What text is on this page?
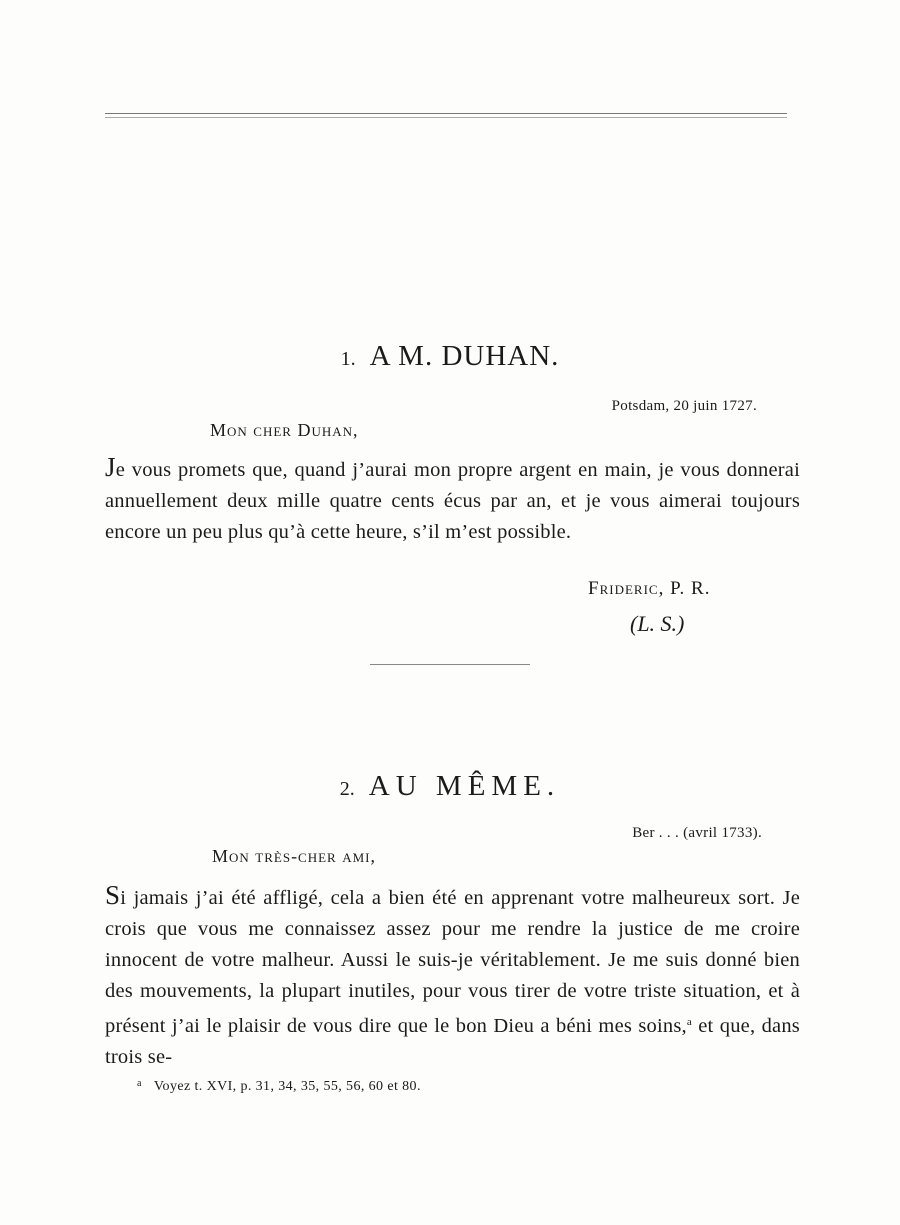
1. A M. DUHAN.
Potsdam, 20 juin 1727.
Mon cher Duhan,
Je vous promets que, quand j’aurai mon propre argent en main, je vous donnerai annuellement deux mille quatre cents écus par an, et je vous aimerai toujours encore un peu plus qu’à cette heure, s’il m’est possible.
Frideric, P. R.
(L. S.)
2. AU MÊME.
Ber . . . (avril 1733).
Mon très-cher ami,
Si jamais j’ai été affligé, cela a bien été en apprenant votre malheureux sort. Je crois que vous me connaissez assez pour me rendre la justice de me croire innocent de votre malheur. Aussi le suis-je véritablement. Je me suis donné bien des mouvements, la plupart inutiles, pour vous tirer de votre triste situation, et à présent j’ai le plaisir de vous dire que le bon Dieu a béni mes soins,$^a$ et que, dans trois se-
$^a$ Voyez t. XVI, p. 31, 34, 35, 55, 56, 60 et 80.
